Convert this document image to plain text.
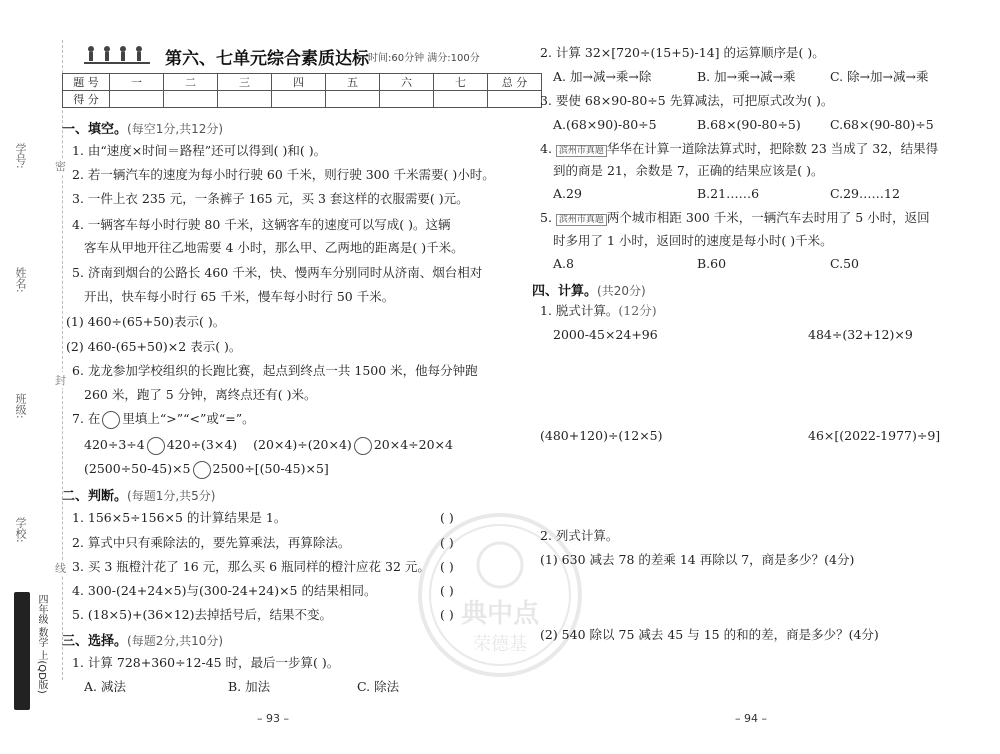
学号:
姓名:
班级:
学校:
密
封
线
四年级 数学 上(QD版)
第六、七单元综合素质达标 时间:60分钟 满分:100分
题 号	一	二	三	四	五	六	七	总 分
得 分								
一、填空。(每空1分,共12分)
1. 由“速度×时间＝路程”还可以得到( )和( )。
2. 若一辆汽车的速度为每小时行驶 60 千米，则行驶 300 千米需要( )小时。
3. 一件上衣 235 元，一条裤子 165 元，买 3 套这样的衣服需要( )元。
4. 一辆客车每小时行驶 80 千米，这辆客车的速度可以写成( )。这辆
客车从甲地开往乙地需要 4 小时，那么甲、乙两地的距离是( )千米。
5. 济南到烟台的公路长 460 千米，快、慢两车分别同时从济南、烟台相对
开出，快车每小时行 65 千米，慢车每小时行 50 千米。
(1) 460÷(65+50)表示( )。
(2) 460-(65+50)×2 表示( )。
6. 龙龙参加学校组织的长跑比赛，起点到终点一共 1500 米，他每分钟跑
260 米，跑了 5 分钟，离终点还有( )米。
7. 在 里填上“>”“<”或“=”。
420÷3÷4 420÷(3×4) (20×4)÷(20×4) 20×4÷20×4
(2500÷50-45)×5 2500÷[(50-45)×5]
二、判断。(每题1分,共5分)
1. 156×5÷156×5 的计算结果是 1。
2. 算式中只有乘除法的，要先算乘法，再算除法。
3. 买 3 瓶橙汁花了 16 元，那么买 6 瓶同样的橙汁应花 32 元。
4. 300-(24+24×5)与(300-24+24)×5 的结果相同。
5. (18×5)+(36×12)去掉括号后，结果不变。
( )
( )
( )
( )
( )
三、选择。(每题2分,共10分)
1. 计算 728+360÷12-45 时，最后一步算( )。
A. 减法	B. 加法	C. 除法
– 93 –
典中点
荣德基
2. 计算 32×[720÷(15+5)-14] 的运算顺序是( )。
A. 加→减→乘→除	B. 加→乘→减→乘	C. 除→加→减→乘
3. 要使 68×90-80÷5 先算减法，可把原式改为( )。
A.(68×90)-80÷5	B.68×(90-80÷5) C.68×(90-80)÷5
4. 滨州市真题 华华在计算一道除法算式时，把除数 23 当成了 32，结果得
到的商是 21，余数是 7，正确的结果应该是( )。
A.29	B.21……6	C.29……12
5. 滨州市真题 两个城市相距 300 千米，一辆汽车去时用了 5 小时，返回
时多用了 1 小时，返回时的速度是每小时( )千米。
A.8	B.60	C.50
四、计算。(共20分)
1. 脱式计算。(12分)
2000-45×24+96	484÷(32+12)×9
(480+120)÷(12×5)	46×[(2022-1977)÷9]
2. 列式计算。
(1) 630 减去 78 的差乘 14 再除以 7，商是多少？(4分)
(2) 540 除以 75 减去 45 与 15 的和的差，商是多少？(4分)
– 94 –
